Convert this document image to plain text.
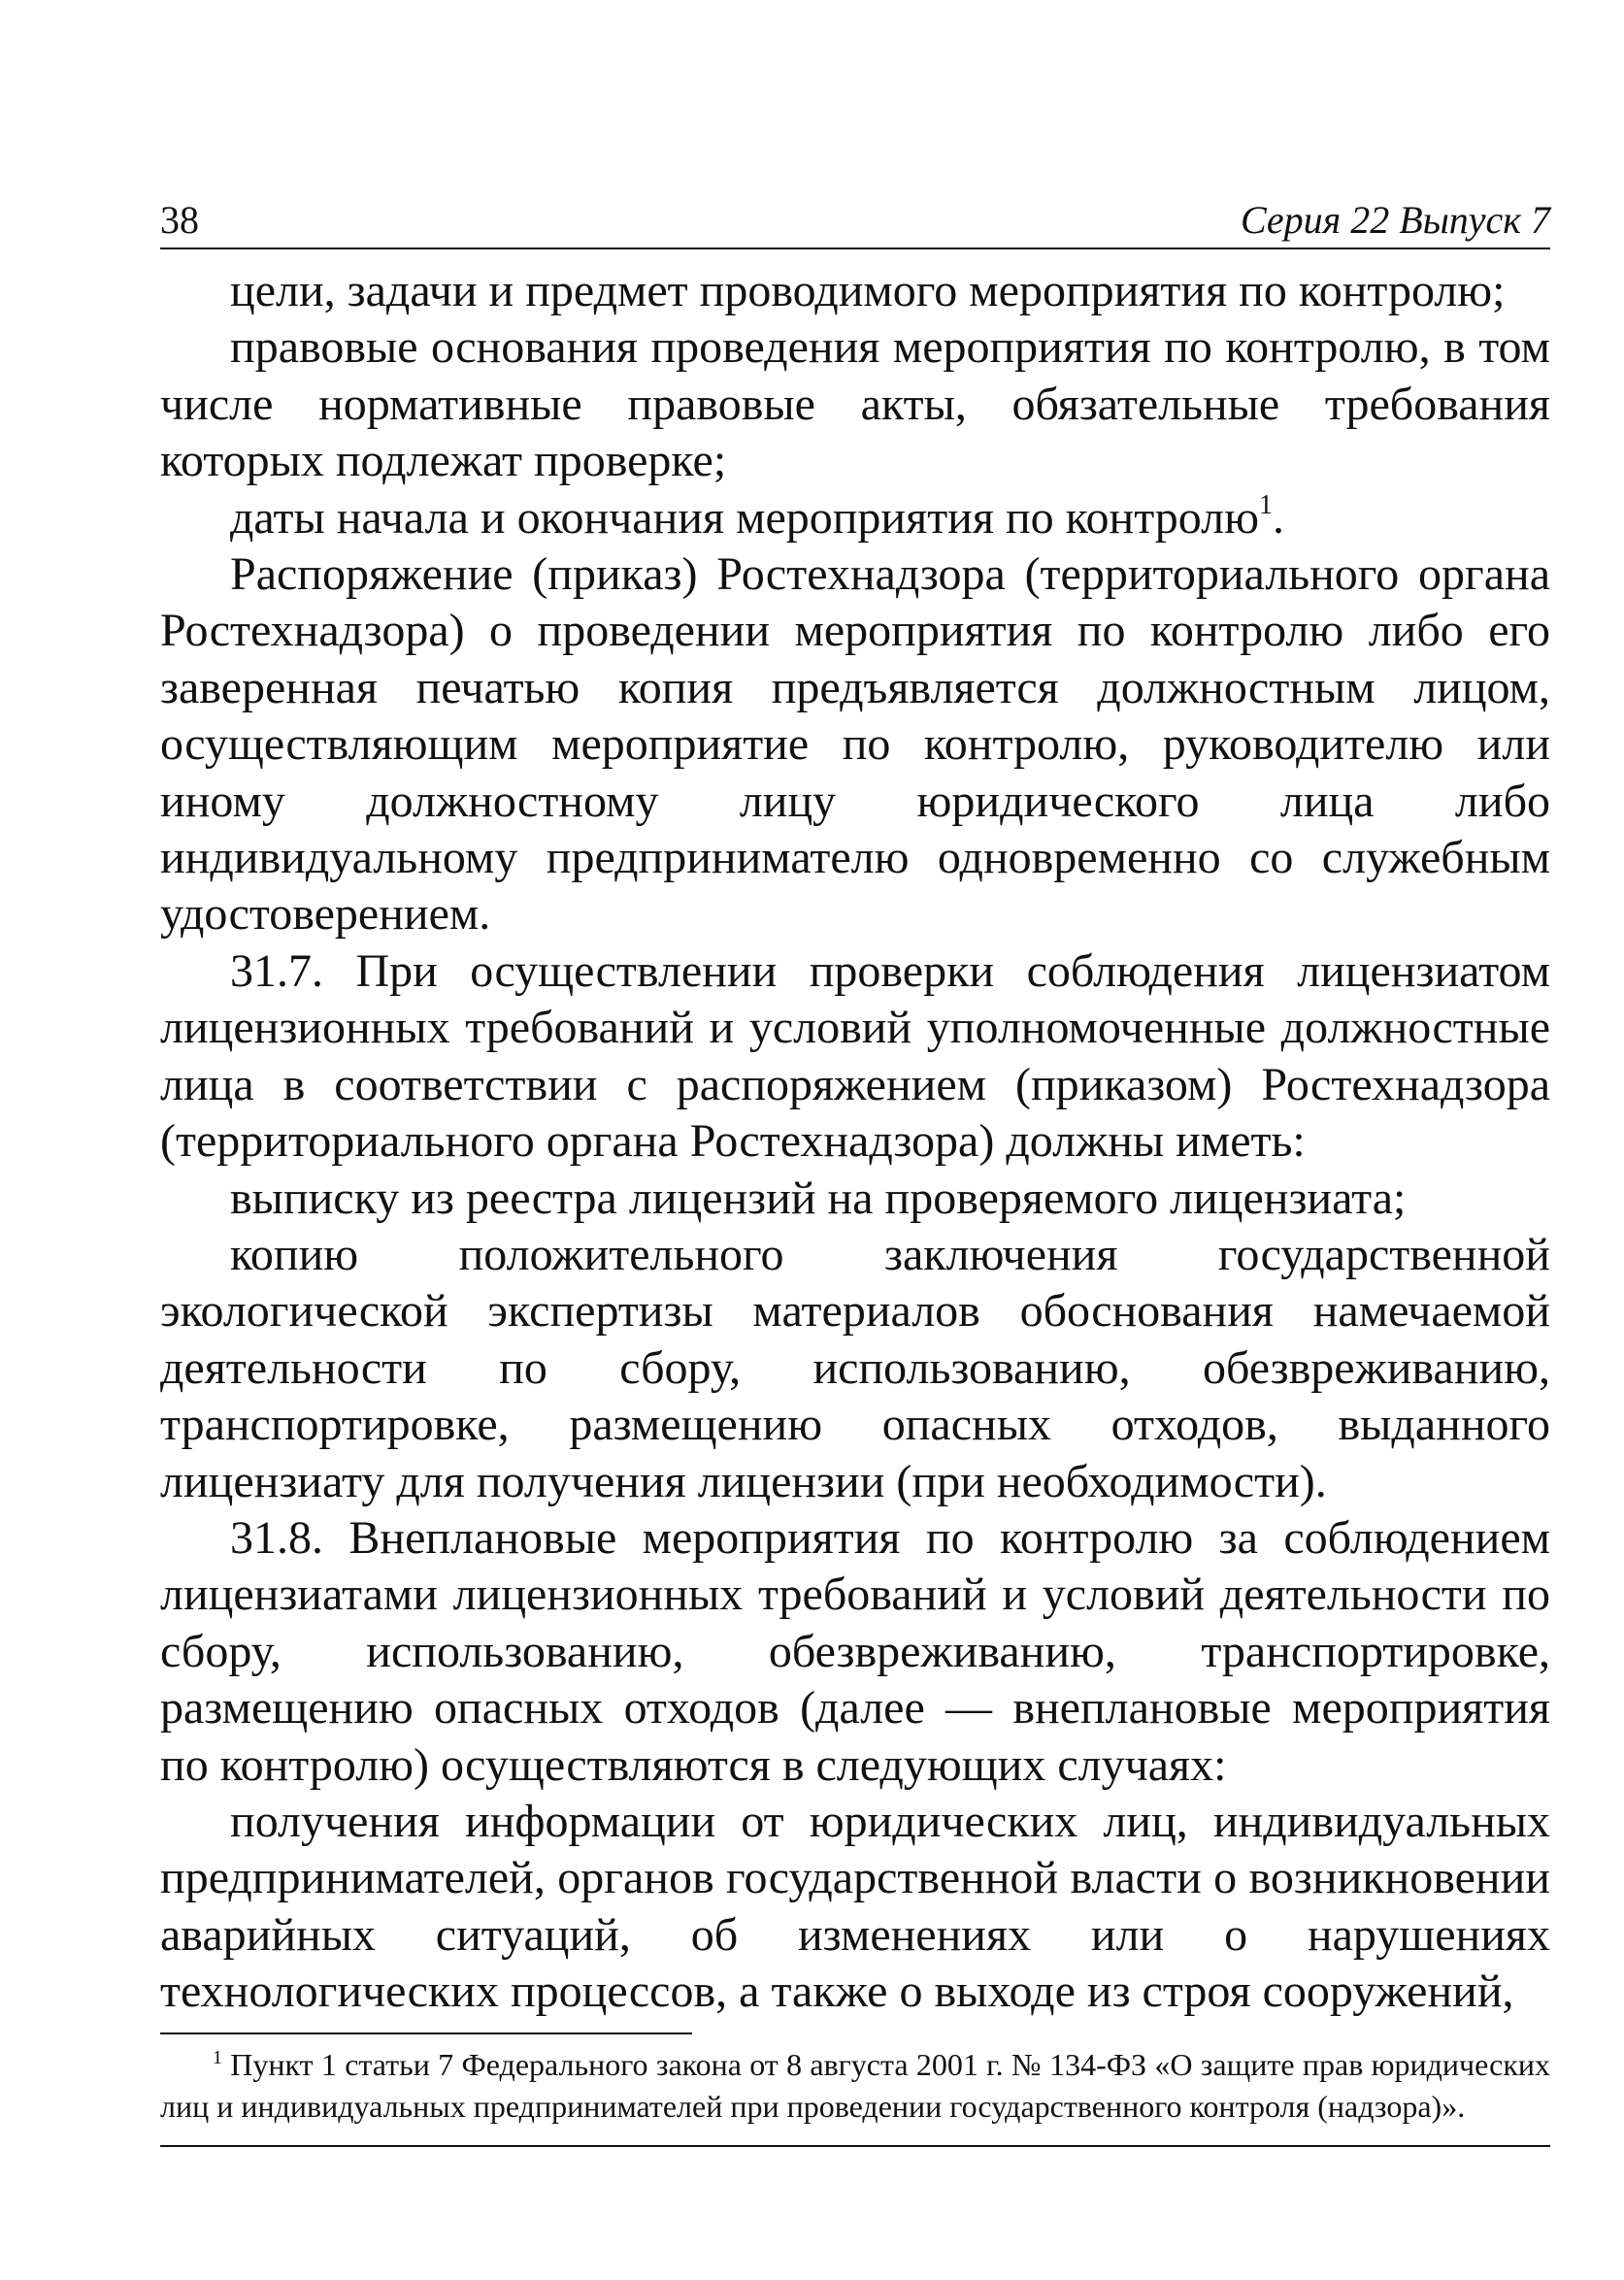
38	Серия 22 Выпуск 7

цели, задачи и предмет проводимого мероприятия по контролю;

правовые основания проведения мероприятия по контролю, в том числе нормативные правовые акты, обязательные требования которых подлежат проверке;

даты начала и окончания мероприятия по контролю$^1$.

Распоряжение (приказ) Ростехнадзора (территориального органа Ростехнадзора) о проведении мероприятия по контролю либо его заверенная печатью копия предъявляется должностным лицом, осуществляющим мероприятие по контролю, руководителю или иному должностному лицу юридического лица либо индивидуальному предпринимателю одновременно со служебным удостоверением.

31.7. При осуществлении проверки соблюдения лицензиатом лицензионных требований и условий уполномоченные должностные лица в соответствии с распоряжением (приказом) Ростехнадзора (территориального органа Ростехнадзора) должны иметь:

выписку из реестра лицензий на проверяемого лицензиата;

копию положительного заключения государственной экологической экспертизы материалов обоснования намечаемой деятельности по сбору, использованию, обезвреживанию, транспортировке, размещению опасных отходов, выданного лицензиату для получения лицензии (при необходимости).

31.8. Внеплановые мероприятия по контролю за соблюдением лицензиатами лицензионных требований и условий деятельности по сбору, использованию, обезвреживанию, транспортировке, размещению опасных отходов (далее — внеплановые мероприятия по контролю) осуществляются в следующих случаях:

получения информации от юридических лиц, индивидуальных предпринимателей, органов государственной власти о возникновении аварийных ситуаций, об изменениях или о нарушениях технологических процессов, а также о выходе из строя сооружений,

$^1$ Пункт 1 статьи 7 Федерального закона от 8 августа 2001 г. № 134-ФЗ «О защите прав юридических лиц и индивидуальных предпринимателей при проведении государственного контроля (надзора)».
